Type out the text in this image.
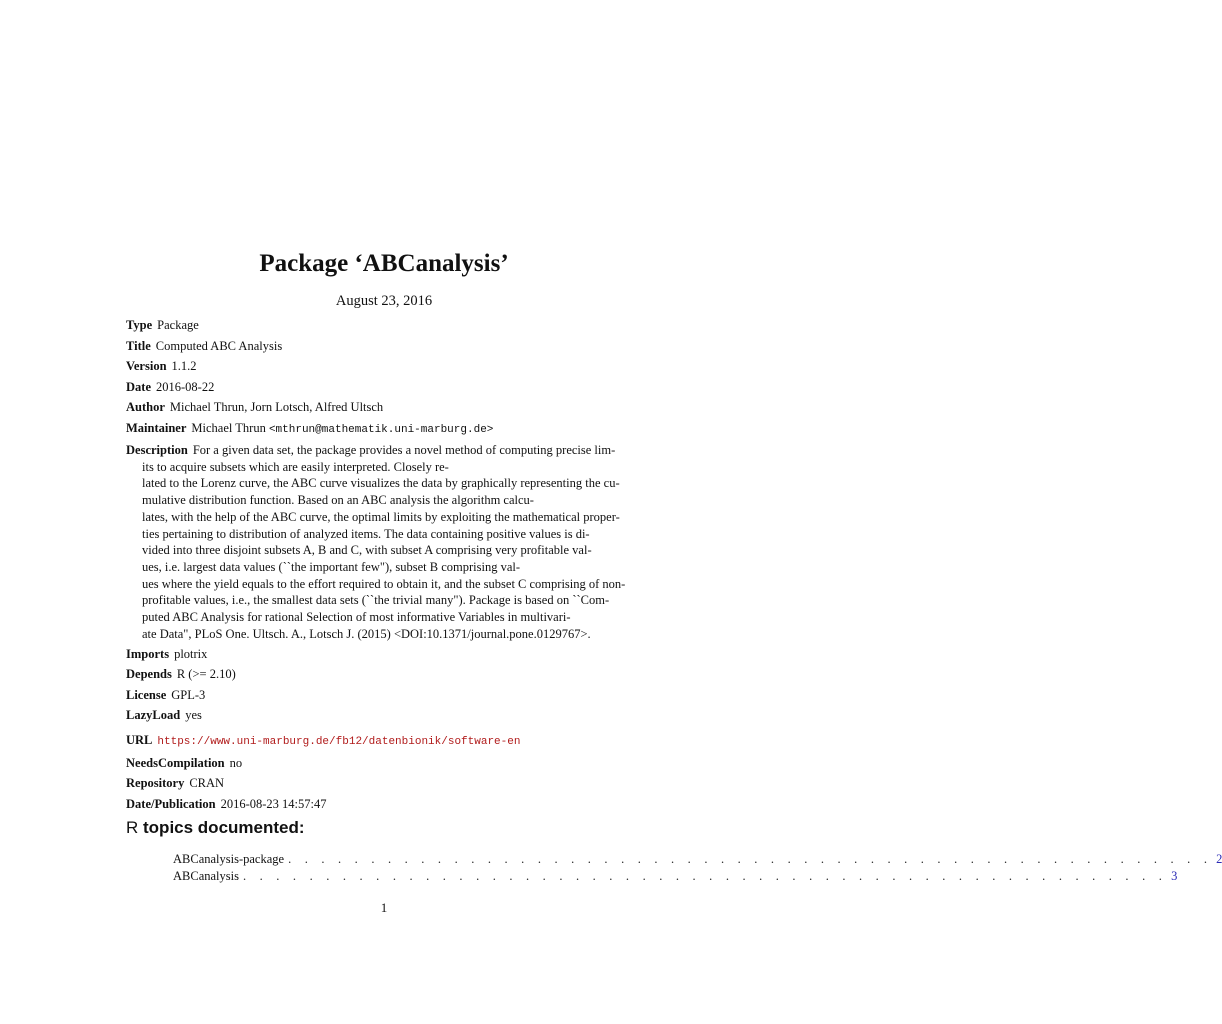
Package ‘ABCanalysis’
August 23, 2016
Type Package
Title Computed ABC Analysis
Version 1.1.2
Date 2016-08-22
Author Michael Thrun, Jorn Lotsch, Alfred Ultsch
Maintainer Michael Thrun <mthrun@mathematik.uni-marburg.de>
Description For a given data set, the package provides a novel method of computing precise lim-
its to acquire subsets which are easily interpreted. Closely re-
lated to the Lorenz curve, the ABC curve visualizes the data by graphically representing the cu-
mulative distribution function. Based on an ABC analysis the algorithm calcu-
lates, with the help of the ABC curve, the optimal limits by exploiting the mathematical proper-
ties pertaining to distribution of analyzed items. The data containing positive values is di-
vided into three disjoint subsets A, B and C, with subset A comprising very profitable val-
ues, i.e. largest data values (``the important few"), subset B comprising val-
ues where the yield equals to the effort required to obtain it, and the subset C comprising of non-
profitable values, i.e., the smallest data sets (``the trivial many"). Package is based on ``Com-
puted ABC Analysis for rational Selection of most informative Variables in multivari-
ate Data", PLoS One. Ultsch. A., Lotsch J. (2015) <DOI:10.1371/journal.pone.0129767>.
Imports plotrix
Depends R (>= 2.10)
License GPL-3
LazyLoad yes
URL https://www.uni-marburg.de/fb12/datenbionik/software-en
NeedsCompilation no
Repository CRAN
Date/Publication 2016-08-23 14:57:47
R topics documented:
ABCanalysis-package . . . . . . . . . . . . . . . . . . . . . . . . . . . . . . . . . . . . . . . . . . . . . . . . . . . . . . . . 2
ABCanalysis . . . . . . . . . . . . . . . . . . . . . . . . . . . . . . . . . . . . . . . . . . . . . . . . . . . . . . . . 3
1
